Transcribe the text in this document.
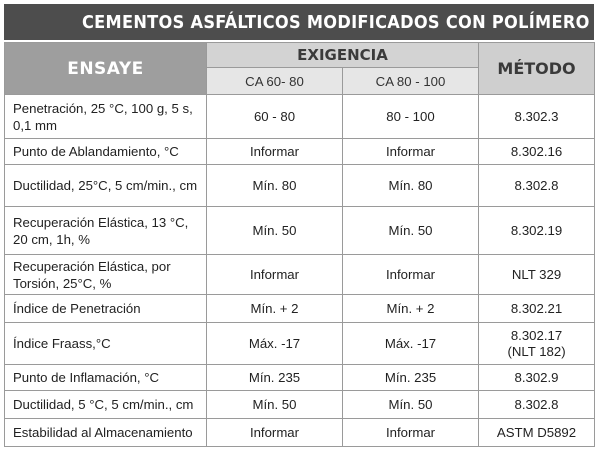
CEMENTOS ASFÁLTICOS MODIFICADOS CON POLÍMERO
ENSAYE	EXIGENCIA		MÉTODO
	CA 60- 80	CA 80 - 100	
Penetración, 25 °C, 100 g, 5 s, 0,1 mm	60 - 80	80 - 100	8.302.3
Punto de Ablandamiento, °C	Informar	Informar	8.302.16
Ductilidad, 25°C, 5 cm/min., cm	Mín. 80	Mín. 80	8.302.8
Recuperación Elástica, 13 °C, 20 cm, 1h, %	Mín. 50	Mín. 50	8.302.19
Recuperación Elástica, por Torsión, 25°C, %	Informar	Informar	NLT 329
Índice de Penetración	Mín. + 2	Mín. + 2	8.302.21
Índice Fraass,°C	Máx. -17	Máx. -17	8.302.17
(NLT 182)
Punto de Inflamación, °C	Mín. 235	Mín. 235	8.302.9
Ductilidad, 5 °C, 5 cm/min., cm	Mín. 50	Mín. 50	8.302.8
Estabilidad al Almacenamiento	Informar	Informar	ASTM D5892
